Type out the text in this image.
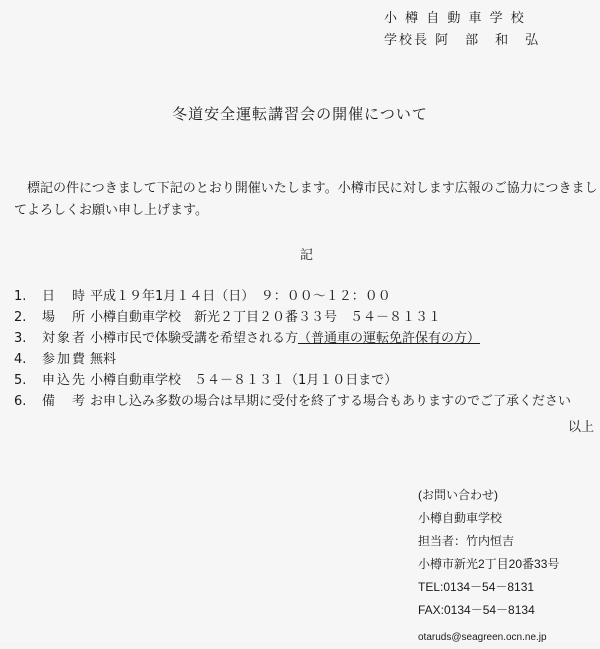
小 樽 自 動 車 学 校
学校長 阿　部　和　弘
冬道安全運転講習会の開催について
標記の件につきまして下記のとおり開催いたします。小樽市民に対します広報のご協力につきましてよろしくお願い申し上げます。
記
1. 日　時 平成１９年1月１４日（日）　９：００～１２：００
2. 場　所 小樽自動車学校　新光２丁目２０番３３号　５４－８１３１
3. 対象者 小樽市民で体験受講を希望される方（普通車の運転免許保有の方）
4. 参加費 無料
5. 申込先 小樽自動車学校　５４－８１３１（1月１０日まで）
6. 備　考 お申し込み多数の場合は早期に受付を終了する場合もありますのでご了承ください
以上
(お問い合わせ)
小樽自動車学校
担当者：竹内恒吉
小樽市新光2丁目20番33号
TEL:0134－54－8131
FAX:0134－54－8134
otaruds@seagreen.ocn.ne.jp
